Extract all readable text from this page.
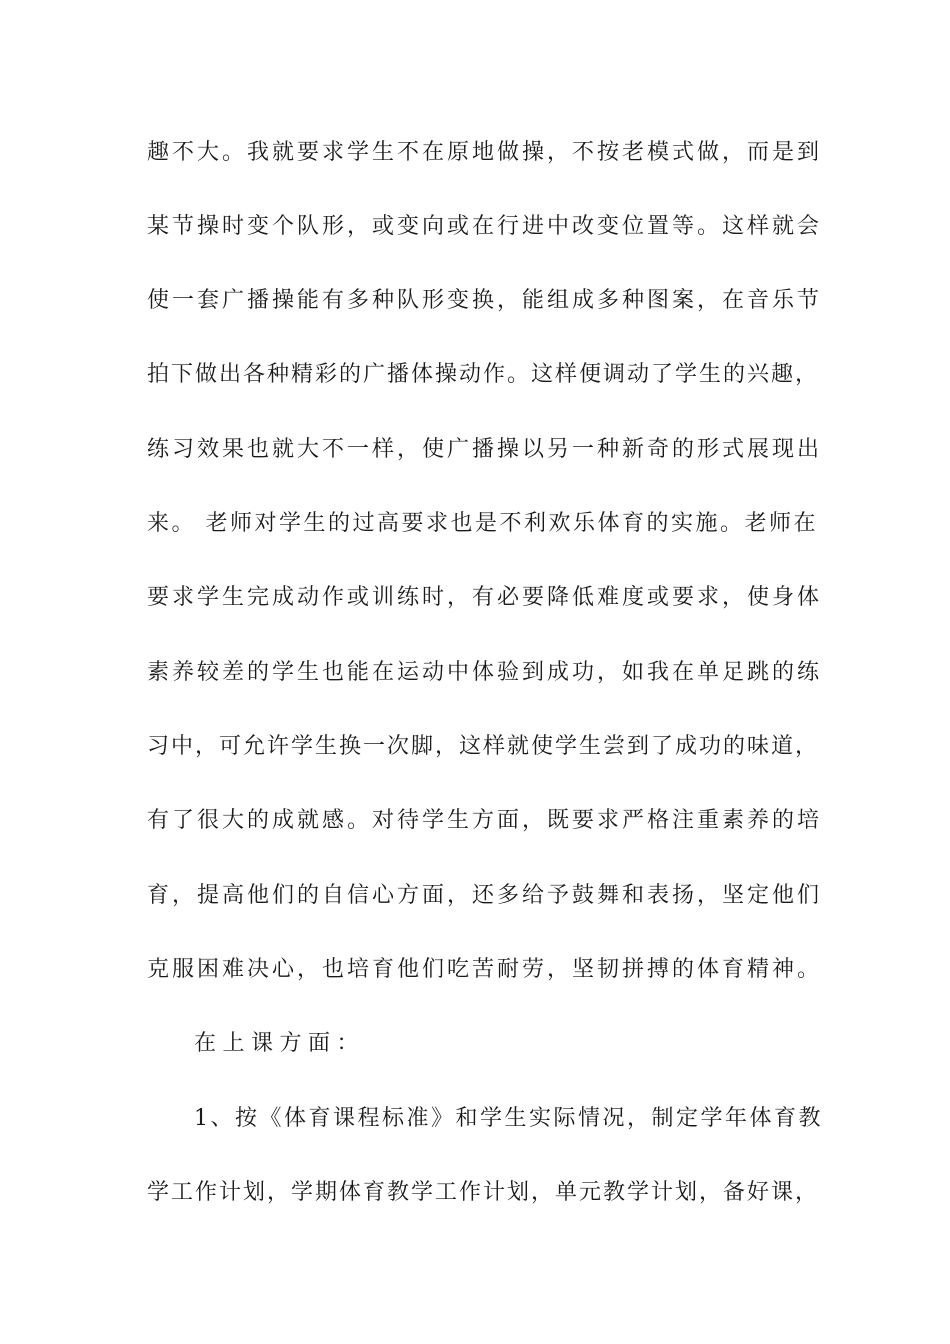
趣不大。我就要求学生不在原地做操，不按老模式做，而是到
某节操时变个队形，或变向或在行进中改变位置等。这样就会
使一套广播操能有多种队形变换，能组成多种图案，在音乐节
拍下做出各种精彩的广播体操动作。这样便调动了学生的兴趣，
练习效果也就大不一样，使广播操以另一种新奇的形式展现出
来。 老师对学生的过高要求也是不利欢乐体育的实施。老师在
要求学生完成动作或训练时，有必要降低难度或要求，使身体
素养较差的学生也能在运动中体验到成功，如我在单足跳的练
习中，可允许学生换一次脚，这样就使学生尝到了成功的味道，
有了很大的成就感。对待学生方面，既要求严格注重素养的培
育，提高他们的自信心方面，还多给予鼓舞和表扬，坚定他们
克服困难决心，也培育他们吃苦耐劳，坚韧拼搏的体育精神。
在上课方面：
1、按《体育课程标准》和学生实际情况，制定学年体育教
学工作计划，学期体育教学工作计划，单元教学计划，备好课，
